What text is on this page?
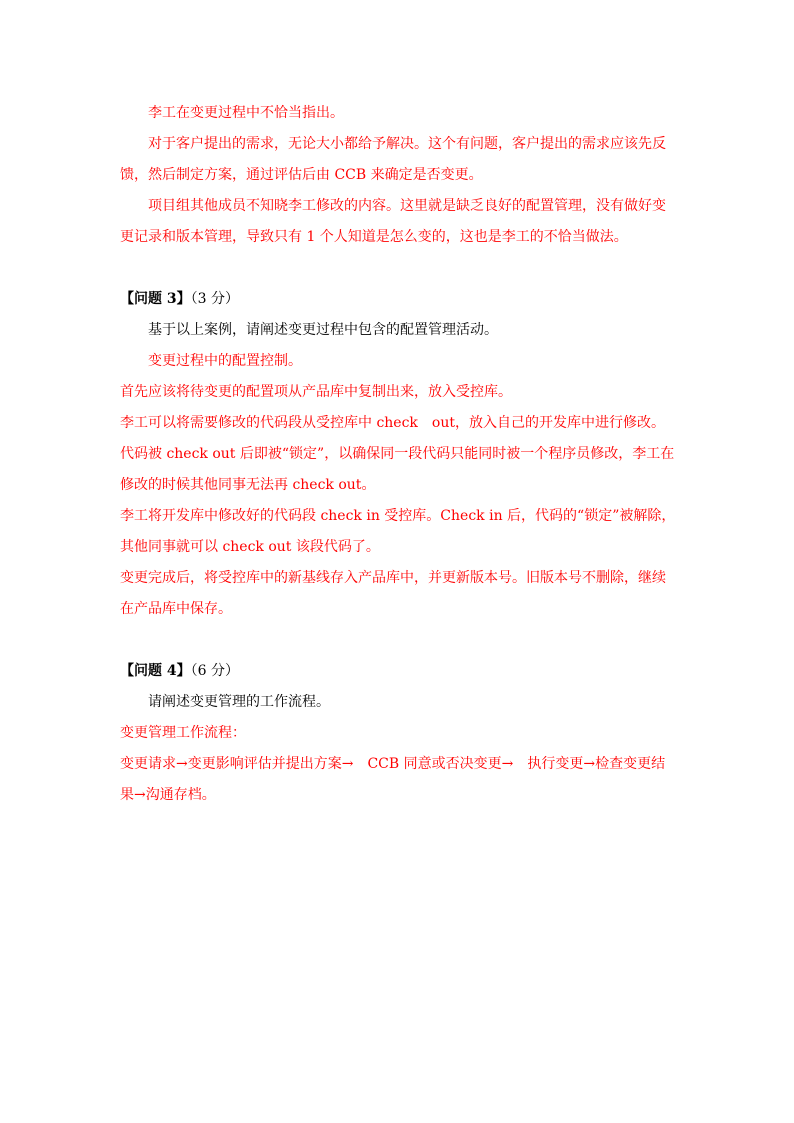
李工在变更过程中不恰当指出。

对于客户提出的需求，无论大小都给予解决。这个有问题，客户提出的需求应该先反馈，然后制定方案，通过评估后由 CCB 来确定是否变更。

项目组其他成员不知晓李工修改的内容。这里就是缺乏良好的配置管理，没有做好变更记录和版本管理，导致只有 1 个人知道是怎么变的，这也是李工的不恰当做法。

【问题 3】（3 分）

基于以上案例，请阐述变更过程中包含的配置管理活动。

变更过程中的配置控制。

首先应该将待变更的配置项从产品库中复制出来，放入受控库。

李工可以将需要修改的代码段从受控库中 check　out，放入自己的开发库中进行修改。代码被 check out 后即被“锁定”，以确保同一段代码只能同时被一个程序员修改，李工在修改的时候其他同事无法再 check out。

李工将开发库中修改好的代码段 check in 受控库。Check in 后，代码的“锁定”被解除，其他同事就可以 check out 该段代码了。

变更完成后，将受控库中的新基线存入产品库中，并更新版本号。旧版本号不删除，继续在产品库中保存。

【问题 4】（6 分）

请阐述变更管理的工作流程。

变更管理工作流程：

变更请求→变更影响评估并提出方案→　CCB 同意或否决变更→　执行变更→检查变更结果→沟通存档。
